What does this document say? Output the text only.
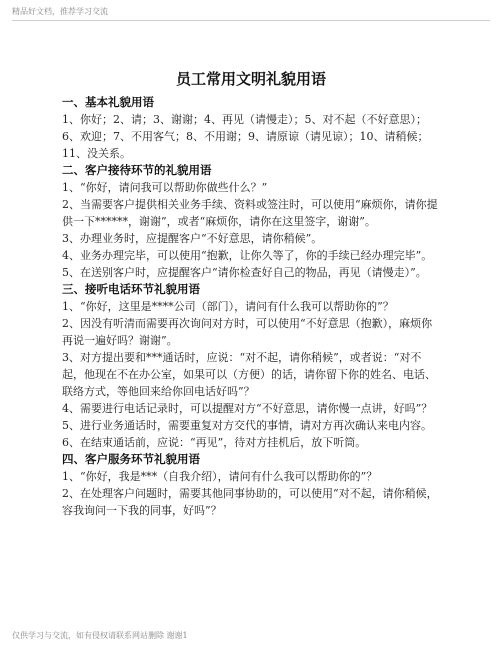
精品好文档，推荐学习交流
员工常用文明礼貌用语
一、基本礼貌用语
1、你好；2、请；3、谢谢；4、再见（请慢走）；5、对不起（不好意思）；6、欢迎；7、不用客气；8、不用谢；9、请原谅（请见谅）；10、请稍候；11、没关系。
二、客户接待环节的礼貌用语
1、“你好，请问我可以帮助你做些什么？”
2、当需要客户提供相关业务手续、资料或签注时，可以使用“麻烦你，请你提供一下******，谢谢”，或者“麻烦你，请你在这里签字，谢谢”。
3、办理业务时，应提醒客户“不好意思，请你稍候”。
4、业务办理完毕，可以使用“抱歉，让你久等了，你的手续已经办理完毕”。
5、在送别客户时，应提醒客户“请你检查好自己的物品，再见（请慢走）”。
三、接听电话环节礼貌用语
1、“你好，这里是****公司（部门），请问有什么我可以帮助你的”？
2、因没有听清而需要再次询问对方时，可以使用“不好意思（抱歉），麻烦你再说一遍好吗？谢谢”。
3、对方提出要和***通话时，应说：“对不起，请你稍候”，或者说：“对不起，他现在不在办公室，如果可以（方便）的话，请你留下你的姓名、电话、联络方式，等他回来给你回电话好吗”？
4、需要进行电话记录时，可以提醒对方“不好意思，请你慢一点讲，好吗”？
5、进行业务通话时，需要重复对方交代的事情，请对方再次确认来电内容。
6、在结束通话前，应说：“再见”，待对方挂机后，放下听筒。
四、客户服务环节礼貌用语
1、“你好，我是***（自我介绍），请问有什么我可以帮助你的”？
2、在处理客户问题时，需要其他同事协助的，可以使用“对不起，请你稍候，容我询问一下我的同事，好吗”？
仅供学习与交流，如有侵权请联系网站删除 谢谢1
